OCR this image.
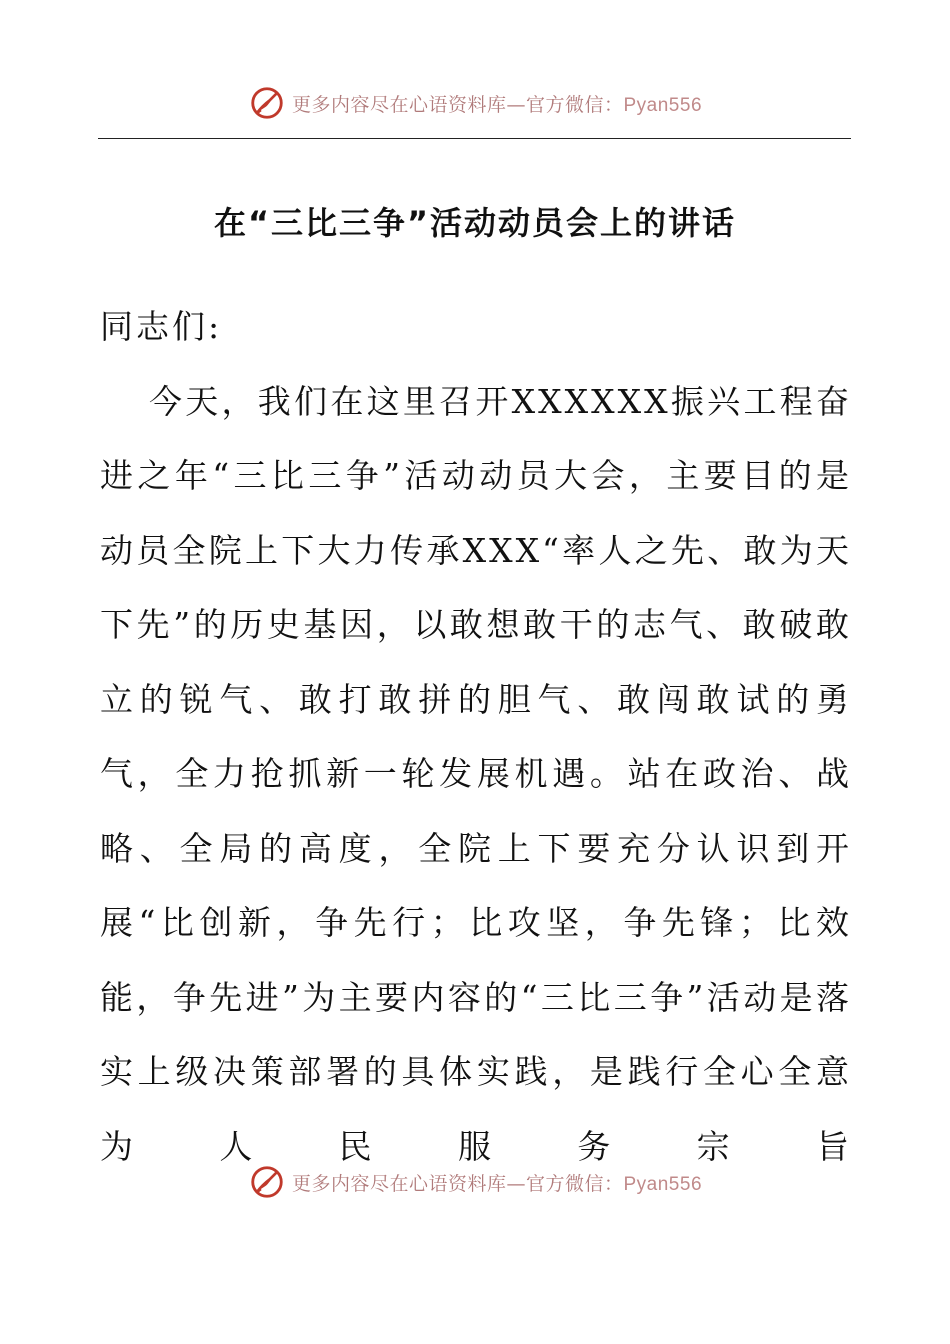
更多内容尽在心语资料库—官方微信：Pyan556
在“三比三争”活动动员会上的讲话
同志们:
今天，我们在这里召开XXXXXX振兴工程奋进之年“三比三争”活动动员大会，主要目的是动员全院上下大力传承XXX“率人之先、敢为天下先”的历史基因，以敢想敢干的志气、敢破敢立的锐气、敢打敢拼的胆气、敢闯敢试的勇气，全力抢抓新一轮发展机遇。站在政治、战略、全局的高度，全院上下要充分认识到开展“比创新，争先行；比攻坚，争先锋；比效能，争先进”为主要内容的“三比三争”活动是落实上级决策部署的具体实践，是践行全心全意为人民服务宗旨
更多内容尽在心语资料库—官方微信：Pyan556
